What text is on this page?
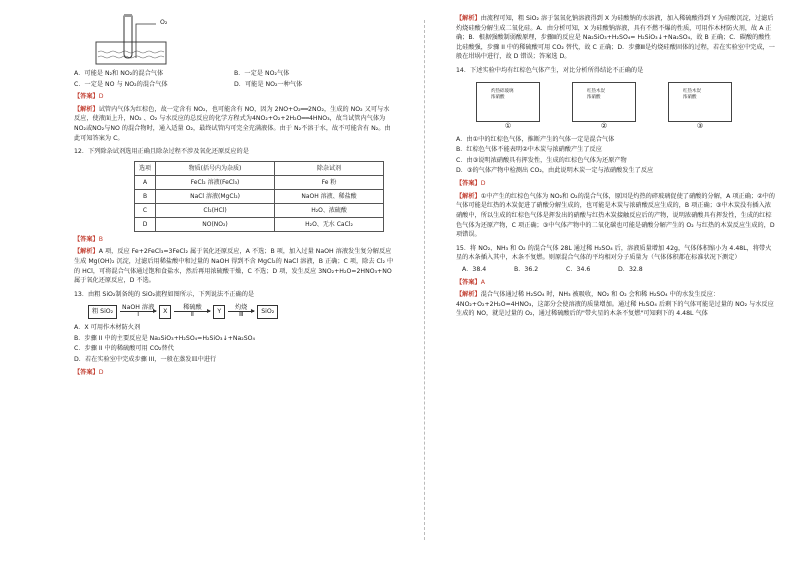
O₂
A．可能是 N₂和 NO₂的混合气体	B．一定是 NO₂气体
C．一定是 NO 与 NO₂的混合气体	D．可能是 NO₂一种气体

【答案】D

【解析】试管内气体为红棕色，故一定含有 NO₂，也可能含有 NO，因为 2NO+O₂══2NO₂，生成的 NO₂ 又可与水反应，使液面上升，NO₂ 、O₂ 与水反应的总反应的化学方程式为4NO₂+O₂+2H₂O══4HNO₃，故当试管内气体为NO₂或NO₂与NO 的混合物时，通入适量 O₂，最终试管内可完全充满液体。由于 N₂不溶于水，故不可能含有 N₂。由此可知答案为 C。

12．下列除杂试剂选用正确且除杂过程不涉及氧化还原反应的是

选项	物质(括号内为杂质)	除杂试剂
A	FeCl₂ 溶液(FeCl₃)	Fe 粉
B	NaCl 溶液(MgCl₂)	NaOH 溶液、稀盐酸
C	Cl₂(HCl)	H₂O、浓硫酸
D	NO(NO₂)	H₂O、无水 CaCl₂

【答案】B

【解析】A 项，反应 Fe+2FeCl₃=3FeCl₂ 属于氧化还原反应，A 不选；B 项，加入过量 NaOH 溶液发生复分解反应生成 Mg(OH)₂ 沉淀，过滤后用稀盐酸中和过量的 NaOH 得到不含 MgCl₂的 NaCl 溶液，B 正确；C 项，除去 Cl₂ 中的 HCl，可将混合气体通过饱和食盐水，然后再用浓硫酸干燥，C 不选；D 项，发生反应 3NO₂+H₂O=2HNO₃+NO 属于氧化还原反应，D 不选。

13．由粗 SiO₂制备纯的 SiO₂流程如图所示，下列说法不正确的是

粗 SiO₂
NaOH 溶液
Ⅰ	X
稀硫酸
Ⅱ	Y
灼烧
Ⅲ	SiO₂

A．X 可用作木材防火剂

B．步骤 II 中的主要反应是 Na₂SiO₃+H₂SO₄=H₂SiO₃↓+Na₂SO₄

C．步骤 II 中的稀硫酸可用 CO₂替代

D．若在实验室中完成步骤 III，一般在蒸发皿中进行

【答案】D

【解析】由流程可知，粗 SiO₂ 溶于氢氧化钠溶液得到 X 为硅酸钠的水溶液，加入稀硫酸得到 Y 为硅酸沉淀，过滤后灼烧硅酸分解生成二氧化硅。A．由分析可知，X 为硅酸钠溶液，具有不燃不爆的性质，可用作木材防火剂，故 A 正确；B．根据强酸制弱酸原理，步骤Ⅱ的反应是 Na₂SiO₃+H₂SO₄= H₂SiO₃↓+Na₂SO₄，故 B 正确；C．碳酸的酸性比硅酸强，步骤 II 中的稀硫酸可用 CO₂ 替代，故 C 正确；D．步骤Ⅲ是灼烧硅酸固体的过程，若在实验室中完成，一般在坩埚中进行，故 D 错误；答案选 D。

14．下述实验中均有红棕色气体产生，对比分析所得结论不正确的是

灼热碎玻璃
浓硝酸
①
红热木炭
浓硝酸
②
红热木炭
浓硝酸
③

A．由①中的红棕色气体，推断产生的气体一定是混合气体

B．红棕色气体不能表明②中木炭与浓硝酸产生了反应

C．由③说明浓硝酸具有挥发性，生成的红棕色气体为还原产物

D．③的气体产物中检测出 CO₂，由此说明木炭一定与浓硝酸发生了反应

【答案】D

【解析】①中产生的红棕色气体为 NO₂和 O₂的混合气体，原因是灼热的碎玻璃促使了硝酸的分解，A 项正确；②中的气体可能是红热的木炭促进了硝酸分解生成的，也可能是木炭与浓硝酸反应生成的，B 项正确；③中木炭没有插入浓硝酸中，所以生成的红棕色气体是挥发出的硝酸与红热木炭接触反应后的产物，说明浓硝酸具有挥发性，生成的红棕色气体为还原产物，C 项正确；③中气体产物中的二氧化碳也可能是硝酸分解产生的 O₂ 与红热的木炭反应生成的，D 项错误。

15．将 NO₂、NH₃ 和 O₂ 的混合气体 28L 通过稀 H₂SO₄ 后，溶液质量增加 42g，气体体积缩小为 4.48L，将带火星的木条插入其中，木条不复燃。则原混合气体的平均相对分子质量为（气体体积都在标准状况下测定）

A．38.4	B．36.2	C．34.6	D．32.8

【答案】A

【解析】混合气体通过稀 H₂SO₄ 时，NH₃ 被吸收，NO₂ 和 O₂ 会和稀 H₂SO₄ 中的水发生反应：4NO₂+O₂+2H₂O=4HNO₃，这部分会使溶液的质量增加。通过稀 H₂SO₄ 后剩下的气体可能是过量的 NO₂ 与水反应生成的 NO，就是过量的 O₂，通过稀硫酸后的"带火星的木条不复燃"可知剩下的 4.48L 气体
